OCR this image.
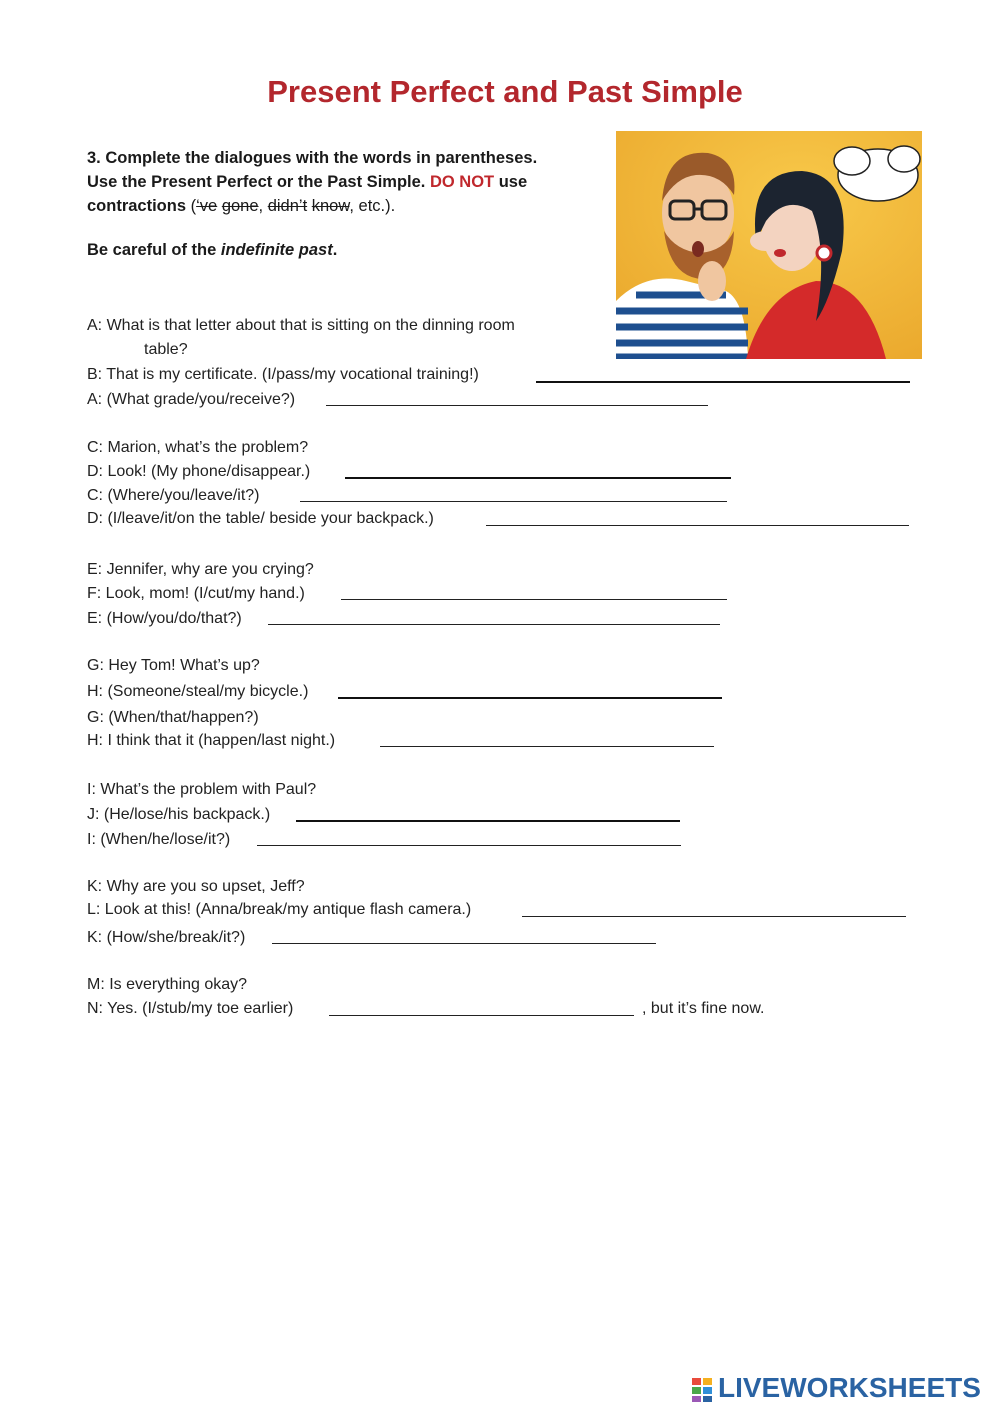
Present Perfect and Past Simple
3. Complete the dialogues with the words in parentheses.
Use the Present Perfect or the Past Simple. DO NOT use
contractions (‘ve gone, didn’t know, etc.).
Be careful of the indefinite past.
A: What is that letter about that is sitting on the dinning room
table?
B: That is my certificate. (I/pass/my vocational training!)
A: (What grade/you/receive?)
C: Marion, what’s the problem?
D: Look! (My phone/disappear.)
C: (Where/you/leave/it?)
D: (I/leave/it/on the table/ beside your backpack.)
E: Jennifer, why are you crying?
F: Look, mom! (I/cut/my hand.)
E: (How/you/do/that?)
G: Hey Tom! What’s up?
H: (Someone/steal/my bicycle.)
G: (When/that/happen?)
H: I think that it (happen/last night.)
I: What’s the problem with Paul?
J: (He/lose/his backpack.)
I: (When/he/lose/it?)
K: Why are you so upset, Jeff?
L: Look at this! (Anna/break/my antique flash camera.)
K: (How/she/break/it?)
M: Is everything okay?
N: Yes. (I/stub/my toe earlier)	, but it’s fine now.
LIVEWORKSHEETS
